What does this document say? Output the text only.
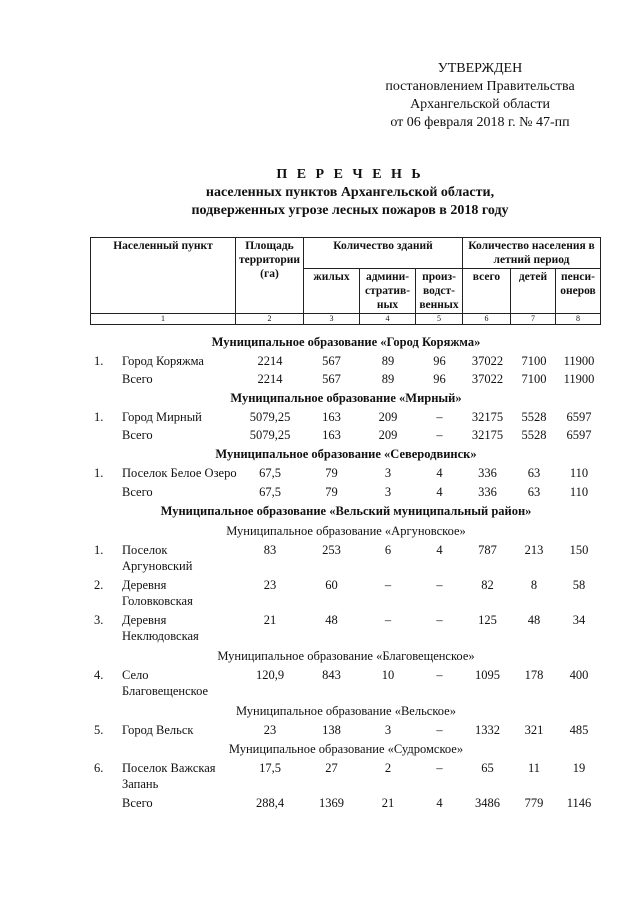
УТВЕРЖДЕН
постановлением Правительства
Архангельской области
от 06 февраля 2018 г. № 47-пп
П Е Р Е Ч Е Н Ь
населенных пунктов Архангельской области,
подверженных угрозе лесных пожаров в 2018 году
Населенный пункт	Площадь территории (га)	Количество зданий			Количество населения в летний период		
		жилых	админи-стратив-ных	произ-водст-венных	всего	детей	пенси-онеров
1	2	3	4	5	6	7	8
Муниципальное образование «Город Коряжма»								
1.	Город Коряжма	2214	567	89	96	37022	7100	11900
	Всего	2214	567	89	96	37022	7100	11900
Муниципальное образование «Мирный»								
1.	Город Мирный	5079,25	163	209	–	32175	5528	6597
	Всего	5079,25	163	209	–	32175	5528	6597
Муниципальное образование «Северодвинск»								
1.	Поселок Белое Озеро	67,5	79	3	4	336	63	110
	Всего	67,5	79	3	4	336	63	110
Муниципальное образование «Вельский муниципальный район»								
Муниципальное образование «Аргуновское»								
1.	Поселок Аргуновский	83	253	6	4	787	213	150
2.	Деревня Головковская	23	60	–	–	82	8	58
3.	Деревня Неклюдовская	21	48	–	–	125	48	34
Муниципальное образование «Благовещенское»								
4.	Село Благовещенское	120,9	843	10	–	1095	178	400
Муниципальное образование «Вельское»								
5.	Город Вельск	23	138	3	–	1332	321	485
Муниципальное образование «Судромское»								
6.	Поселок Важская Запань	17,5	27	2	–	65	11	19
	Всего	288,4	1369	21	4	3486	779	1146
